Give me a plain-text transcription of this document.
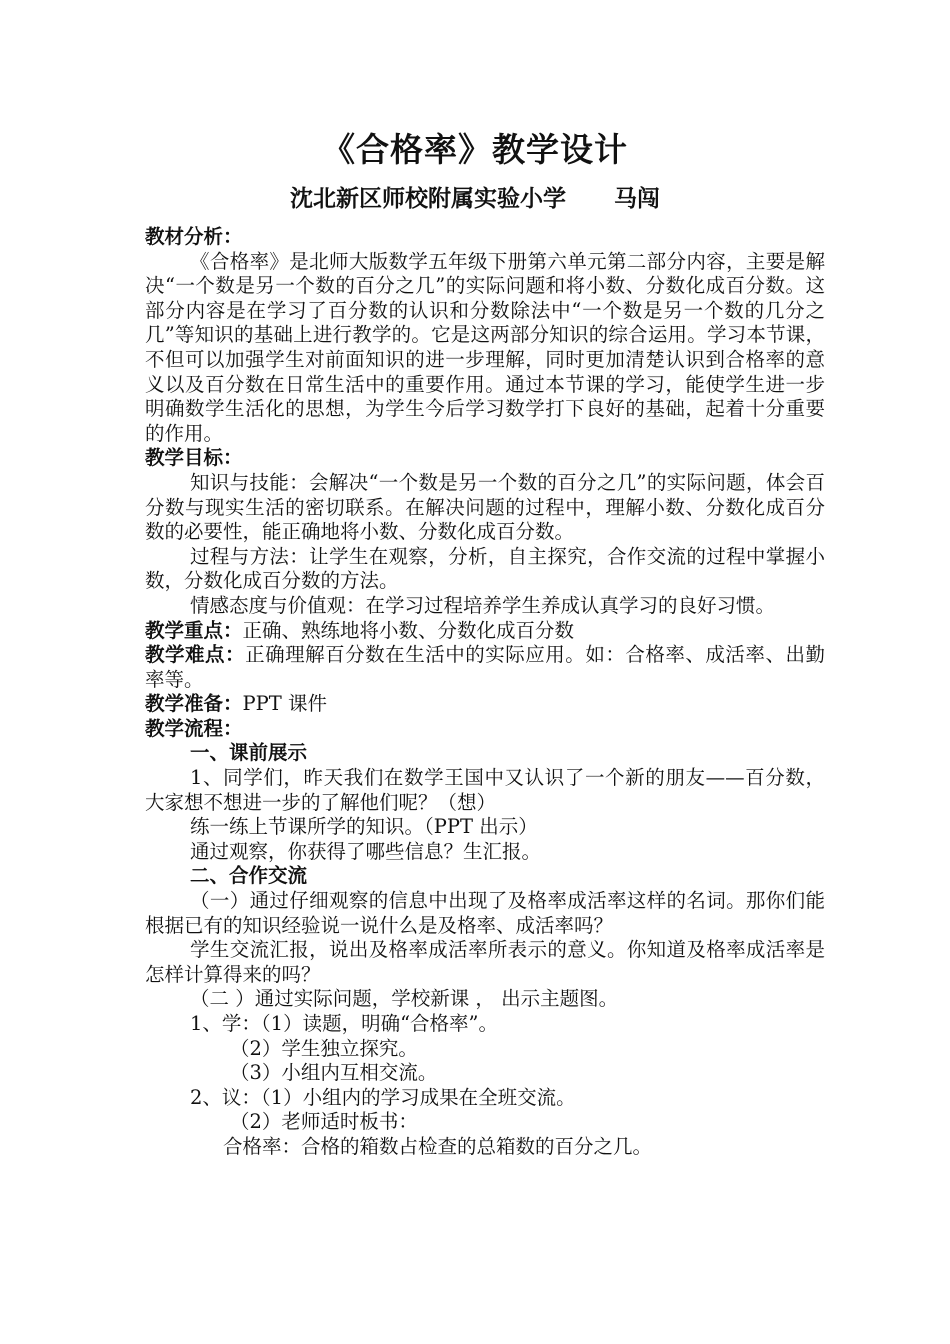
《合格率》教学设计
沈北新区师校附属实验小学      马闯

教材分析：

《合格率》是北师大版数学五年级下册第六单元第二部分内容，主要是解决“一个数是另一个数的百分之几”的实际问题和将小数、分数化成百分数。这部分内容是在学习了百分数的认识和分数除法中“一个数是另一个数的几分之几”等知识的基础上进行教学的。它是这两部分知识的综合运用。学习本节课，不但可以加强学生对前面知识的进一步理解，同时更加清楚认识到合格率的意义以及百分数在日常生活中的重要作用。通过本节课的学习，能使学生进一步明确数学生活化的思想，为学生今后学习数学打下良好的基础，起着十分重要的作用。

教学目标：

知识与技能：会解决“一个数是另一个数的百分之几”的实际问题，体会百分数与现实生活的密切联系。在解决问题的过程中，理解小数、分数化成百分数的必要性，能正确地将小数、分数化成百分数。

过程与方法：让学生在观察，分析，自主探究，合作交流的过程中掌握小数，分数化成百分数的方法。

情感态度与价值观：在学习过程培养学生养成认真学习的良好习惯。

教学重点：正确、熟练地将小数、分数化成百分数

教学难点：正确理解百分数在生活中的实际应用。如：合格率、成活率、出勤率等。

教学准备：PPT 课件

教学流程：

一、课前展示

1、同学们，昨天我们在数学王国中又认识了一个新的朋友——百分数，大家想不想进一步的了解他们呢？（想）

练一练上节课所学的知识。（PPT 出示）

通过观察，你获得了哪些信息？生汇报。

二、合作交流

（一）通过仔细观察的信息中出现了及格率成活率这样的名词。那你们能根据已有的知识经验说一说什么是及格率、成活率吗？

学生交流汇报，说出及格率成活率所表示的意义。你知道及格率成活率是怎样计算得来的吗？

（二 ）通过实际问题，学校新课 ， 出示主题图。

1、学：（1）读题，明确“合格率”。

（2）学生独立探究。

（3）小组内互相交流。

2、议：（1）小组内的学习成果在全班交流。

（2）老师适时板书：

合格率：合格的箱数占检查的总箱数的百分之几。
